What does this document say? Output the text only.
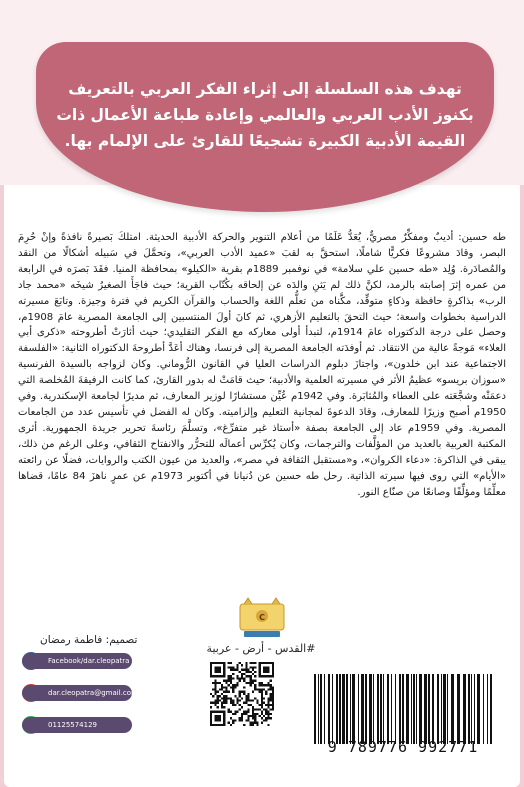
تهدف هذه السلسلة إلى إثراء الفكر العربي بالتعريف بكنوز الأدب العربي والعالمي وإعادة طباعة الأعمال ذات القيمة الأدبية الكبيرة تشجيعًا للقارئ على الإلمام بها.
طه حسين: أديبٌ ومفكِّرٌ مصريٌّ، يُعَدُّ عَلَمًا من أعلام التنوير والحركة الأدبية الحديثة. امتلكَ بَصيرةً نافذةً وإنْ حُرِمَ البصر، وقادَ مشروعًا فكريًّا شاملًا، استحقَّ به لقبَ «عميد الأدب العربي»، وتحمَّلَ في سَبيله أشكالًا من النقد والمُصادَرة. وُلِد «طه حسين علي سلامة» في نوفمبر 1889م بقرية «الكيلو» بمحافظة المنيا. فقَدَ بَصرَه في الرابعة من عمره إثرَ إصابته بالرمد، لكنَّ ذلك لم يَثنِ والدَه عن إلحاقه بكُتّاب القرية؛ حيث فاجَأَ الصغيرُ شيخَه «محمد جاد الرب» بذاكرةٍ حافظة وذكاءٍ متوقِّد، مكَّناه من تعلُّم اللغة والحساب والقرآن الكريم في فترة وجيزة. وتابَعَ مسيرته الدراسية بخطوات واسعة؛ حيث التحقَ بالتعليم الأزهري، ثم كانَ أولَ المنتسبين إلى الجامعة المصرية عامَ 1908م، وحصل على درجة الدكتوراه عامَ 1914م، لتبدأ أولى معاركه مع الفكر التقليدي؛ حيث أثارَتْ أطروحته «ذكرى أبي العلاء» مَوجةً عالية من الانتقاد. ثم أوفدَته الجامعة المصرية إلى فرنسا، وهناك أعَدَّ أطروحةَ الدكتوراه الثانية: «الفلسفة الاجتماعية عند ابن خلدون»، واجتازَ دبلوم الدراسات العليا في القانون الرُّوماني. وكان لزواجه بالسيدة الفرنسية «سوزان بريسو» عظيمُ الأثر في مسيرته العلمية والأدبية؛ حيث قامَتْ له بدور القارئ، كما كانت الرفيقةَ المُخلصة التي دعمَتْه وشجَّعَته على العطاء والمُثابَرة. وفي 1942م عُيِّن مستشارًا لوزير المعارف، ثم مديرًا لجامعة الإسكندرية. وفي 1950م أصبح وزيرًا للمعارف، وقادَ الدعوةَ لمجانية التعليم وإلزاميته. وكان له الفضل في تأسيس عدد من الجامعات المصرية. وفي 1959م عاد إلى الجامعة بصفة «أستاذ غير متفرِّغ»، وتسلَّمَ رئاسةَ تحرير جريدة الجمهورية. أثرى المكتبة العربية بالعديد من المؤلَّفات والترجمات، وكان يُكرِّس أعمالَه للتحرُّر والانفتاح الثقافي، وعلى الرغم من ذلك، يبقى في الذاكرة: «دعاء الكروان»، و«مستقبل الثقافة في مصر»، والعديد من عيون الكتب والروايات، فضلًا عن رائعته «الأيام» التي روى فيها سيرته الذاتية. رحل طه حسين عن دُنيانا في أكتوبر 1973م عن عمرٍ ناهزَ 84 عامًا، قضاها معلِّمًا ومؤلِّفًا وصانعًا من صنّاع النور.
C
#القدس - أرض - عربية
9 789776 992771
تصميم: فاطمة رمضان
Facebook/dar.cleopatra
dar.cleopatra@gmail.com
01125574129
